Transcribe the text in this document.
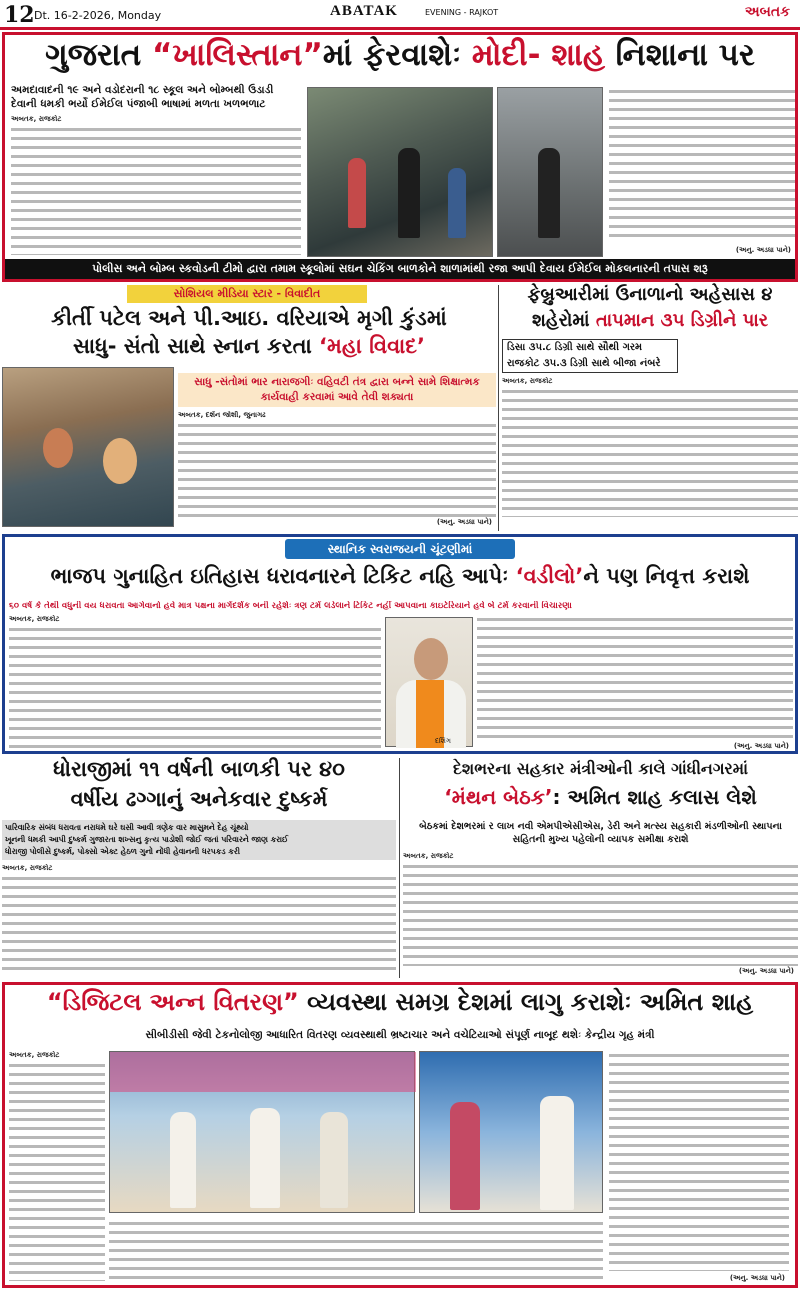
12 Dt. 16-2-2026, Monday	ABATAK	EVENING - RAJKOT	અબતક
ગુજરાત “ખાલિસ્તાન”માં ફેરવાશેઃ મોદી- શાહ નિશાના પર
અમદાવાદની ૧૯ અને વડોદરાની ૧૮ સ્કૂલ અને બોમ્બથી ઉડાડી દેવાની ધમકી ભર્યો ઈમેઈલ પંજાબી ભાષામાં મળતા ખળભળાટ
અબતક, રાજકોટ
(અનુ. અડધા પાને)
પોલીસ અને બોમ્બ સ્કવોડની ટીમો દ્વારા તમામ સ્કૂલોમાં સઘન ચેકિંગ બાળકોને શાળામાંથી રજા આપી દેવાય ઈમેઈલ મોકલનારની તપાસ શરૂ
સોશિયલ મીડિયા સ્ટાર - વિવાદીત
કીર્તી પટેલ અને પી.આઇ. વરિયાએ મૃગી કુંડમાં
સાધુ- સંતો સાથે સ્નાન કરતા ‘મહા વિવાદ’
સાધુ -સંતોમાં ભાર નારાજગીઃ વહિવટી તંત્ર દ્વારા બન્ને સામે શિક્ષાત્મક કાર્યવાહી કરવામાં આવે તેવી શક્યતા
અબતક, દર્શન જોશી, જુનાગઢ
(અનુ. અડધા પાને)
ફેબ્રુઆરીમાં ઉનાળાનો અહેસાસ ૪
શહેરોમાં તાપમાન ૩૫ ડિગ્રીને પાર
ડિસા ૩૫.૮ ડિગ્રી સાથે સૌથી ગરમ
રાજકોટ ૩૫.૩ ડિગ્રી સાથે બીજા નંબરે
અબતક, રાજકોટ
સ્થાનિક સ્વરાજયની ચૂંટણીમાં
ભાજપ ગુનાહિત ઇતિહાસ ધરાવનારને ટિકિટ નહિ આપેઃ ‘વડીલો’ને પણ નિવૃત્ત કરાશે
૬૦ વર્ષ કે તેથી વધુની વય ધરાવતા આગેવાનો હવે માત્ર પક્ષના માર્ગદર્શક બની રહેશેઃ ત્રણ ટર્મ લડેલાને ટિકિટ નહીં આપવાના કાઇટેરિયાને હવે બે ટર્મ કરવાની વિચારણા
અબતક, રાજકોટ
દશિંગ
(અનુ. અડધા પાને)
ધોરાજીમાં ૧૧ વર્ષની બાળકી પર ૪૦
વર્ષીય ઢગ્ગાનું અનેકવાર દુષ્કર્મ
પારિવારિક સંબંધ ધરાવતા નરાધમે ઘરે ઘસી આવી ત્રણેક વાર માસુમને દેહ ચૂંથ્યો
ખૂનની ધમકી આપી દુષ્કર્મ ગુજારતા શખ્સનુ કૃત્ય પાડોશી જોઈ જતાં પરિવારને જાણ કરાઈ
ધોરાજી પોલીસે દુષ્કર્મ, પોક્સો એક્ટ હેઠળ ગુનો નોંધી હેવાનની ધરપકડ કરી
અબતક, રાજકોટ
દેશભરના સહકાર મંત્રીઓની કાલે ગાંધીનગરમાં
‘મંથન બેઠક’: અમિત શાહ કલાસ લેશે
બેઠકમાં દેશભરમાં ર લાખ નવી એમપીએસીએસ, ડેરી અને મત્સ્ય સહકારી મંડળીઓની સ્થાપના સહિતની મુખ્ય પહેલોની વ્યાપક સમીક્ષા કરાશે
અબતક, રાજકોટ
(અનુ. અડધા પાને)
“ડિજિટલ અન્ન વિતરણ” વ્યવસ્થા સમગ્ર દેશમાં લાગુ કરાશેઃ અમિત શાહ
સીબીડીસી જેવી ટેકનોલોજી આધારિત વિતરણ વ્યવસ્થાથી ભ્રષ્ટાચાર અને વચેટિયાઓ સંપૂર્ણ નાબૂદ થશેઃ કેન્દ્રીય ગૃહ મંત્રી
અબતક, રાજકોટ
(અનુ. અડધા પાને)
